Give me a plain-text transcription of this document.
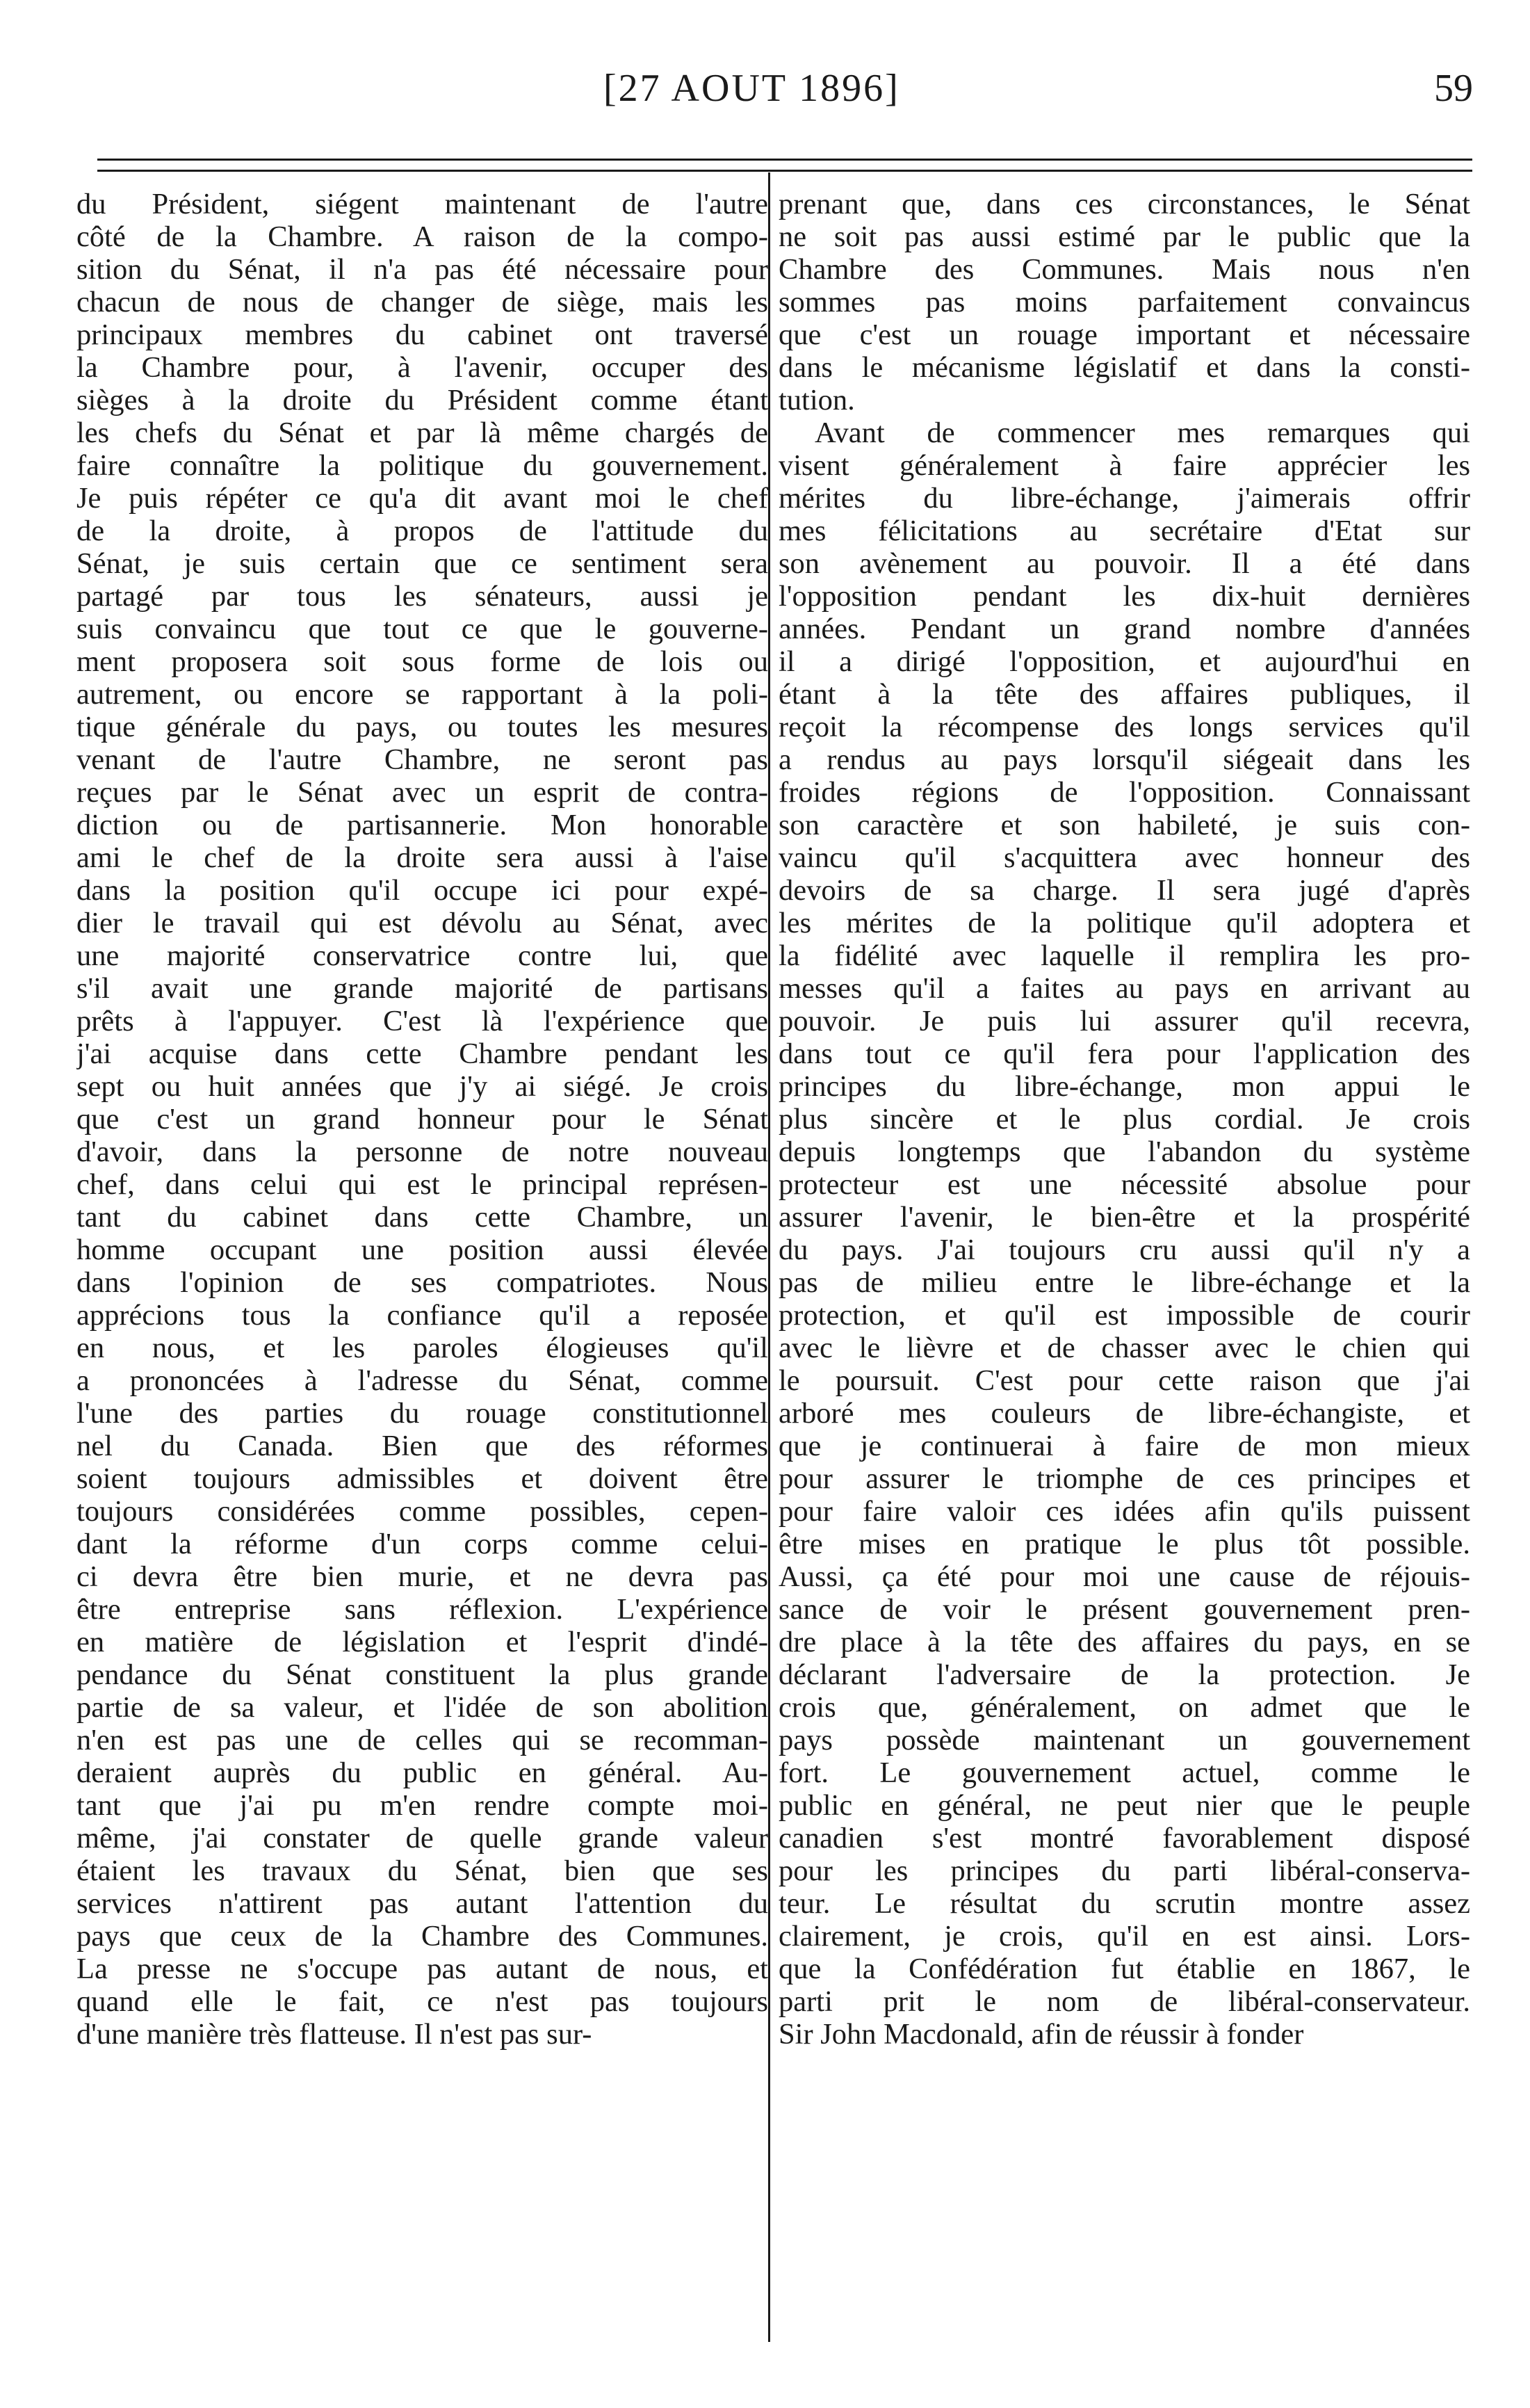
[27 AOUT 1896]	59
du Président, siégent maintenant de l'autre
côté de la Chambre. A raison de la compo-
sition du Sénat, il n'a pas été nécessaire pour
chacun de nous de changer de siège, mais les
principaux membres du cabinet ont traversé
la Chambre pour, à l'avenir, occuper des
sièges à la droite du Président comme étant
les chefs du Sénat et par là même chargés de
faire connaître la politique du gouvernement.
Je puis répéter ce qu'a dit avant moi le chef
de la droite, à propos de l'attitude du
Sénat, je suis certain que ce sentiment sera
partagé par tous les sénateurs, aussi je
suis convaincu que tout ce que le gouverne-
ment proposera soit sous forme de lois ou
autrement, ou encore se rapportant à la poli-
tique générale du pays, ou toutes les mesures
venant de l'autre Chambre, ne seront pas
reçues par le Sénat avec un esprit de contra-
diction ou de partisannerie. Mon honorable
ami le chef de la droite sera aussi à l'aise
dans la position qu'il occupe ici pour expé-
dier le travail qui est dévolu au Sénat, avec
une majorité conservatrice contre lui, que
s'il avait une grande majorité de partisans
prêts à l'appuyer. C'est là l'expérience que
j'ai acquise dans cette Chambre pendant les
sept ou huit années que j'y ai siégé. Je crois
que c'est un grand honneur pour le Sénat
d'avoir, dans la personne de notre nouveau
chef, dans celui qui est le principal représen-
tant du cabinet dans cette Chambre, un
homme occupant une position aussi élevée
dans l'opinion de ses compatriotes. Nous
apprécions tous la confiance qu'il a reposée
en nous, et les paroles élogieuses qu'il
a prononcées à l'adresse du Sénat, comme
l'une des parties du rouage constitutionnel
nel du Canada. Bien que des réformes
soient toujours admissibles et doivent être
toujours considérées comme possibles, cepen-
dant la réforme d'un corps comme celui-
ci devra être bien murie, et ne devra pas
être entreprise sans réflexion. L'expérience
en matière de législation et l'esprit d'indé-
pendance du Sénat constituent la plus grande
partie de sa valeur, et l'idée de son abolition
n'en est pas une de celles qui se recomman-
deraient auprès du public en général. Au-
tant que j'ai pu m'en rendre compte moi-
même, j'ai constater de quelle grande valeur
étaient les travaux du Sénat, bien que ses
services n'attirent pas autant l'attention du
pays que ceux de la Chambre des Communes.
La presse ne s'occupe pas autant de nous, et
quand elle le fait, ce n'est pas toujours
d'une manière très flatteuse. Il n'est pas sur-
prenant que, dans ces circonstances, le Sénat
ne soit pas aussi estimé par le public que la
Chambre des Communes. Mais nous n'en
sommes pas moins parfaitement convaincus
que c'est un rouage important et nécessaire
dans le mécanisme législatif et dans la consti-
tution.
Avant de commencer mes remarques qui
visent généralement à faire apprécier les
mérites du libre-échange, j'aimerais offrir
mes félicitations au secrétaire d'Etat sur
son avènement au pouvoir. Il a été dans
l'opposition pendant les dix-huit dernières
années. Pendant un grand nombre d'années
il a dirigé l'opposition, et aujourd'hui en
étant à la tête des affaires publiques, il
reçoit la récompense des longs services qu'il
a rendus au pays lorsqu'il siégeait dans les
froides régions de l'opposition. Connaissant
son caractère et son habileté, je suis con-
vaincu qu'il s'acquittera avec honneur des
devoirs de sa charge. Il sera jugé d'après
les mérites de la politique qu'il adoptera et
la fidélité avec laquelle il remplira les pro-
messes qu'il a faites au pays en arrivant au
pouvoir. Je puis lui assurer qu'il recevra,
dans tout ce qu'il fera pour l'application des
principes du libre-échange, mon appui le
plus sincère et le plus cordial. Je crois
depuis longtemps que l'abandon du système
protecteur est une nécessité absolue pour
assurer l'avenir, le bien-être et la prospérité
du pays. J'ai toujours cru aussi qu'il n'y a
pas de milieu entre le libre-échange et la
protection, et qu'il est impossible de courir
avec le lièvre et de chasser avec le chien qui
le poursuit. C'est pour cette raison que j'ai
arboré mes couleurs de libre-échangiste, et
que je continuerai à faire de mon mieux
pour assurer le triomphe de ces principes et
pour faire valoir ces idées afin qu'ils puissent
être mises en pratique le plus tôt possible.
Aussi, ça été pour moi une cause de réjouis-
sance de voir le présent gouvernement pren-
dre place à la tête des affaires du pays, en se
déclarant l'adversaire de la protection. Je
crois que, généralement, on admet que le
pays possède maintenant un gouvernement
fort. Le gouvernement actuel, comme le
public en général, ne peut nier que le peuple
canadien s'est montré favorablement disposé
pour les principes du parti libéral-conserva-
teur. Le résultat du scrutin montre assez
clairement, je crois, qu'il en est ainsi. Lors-
que la Confédération fut établie en 1867, le
parti prit le nom de libéral-conservateur.
Sir John Macdonald, afin de réussir à fonder
